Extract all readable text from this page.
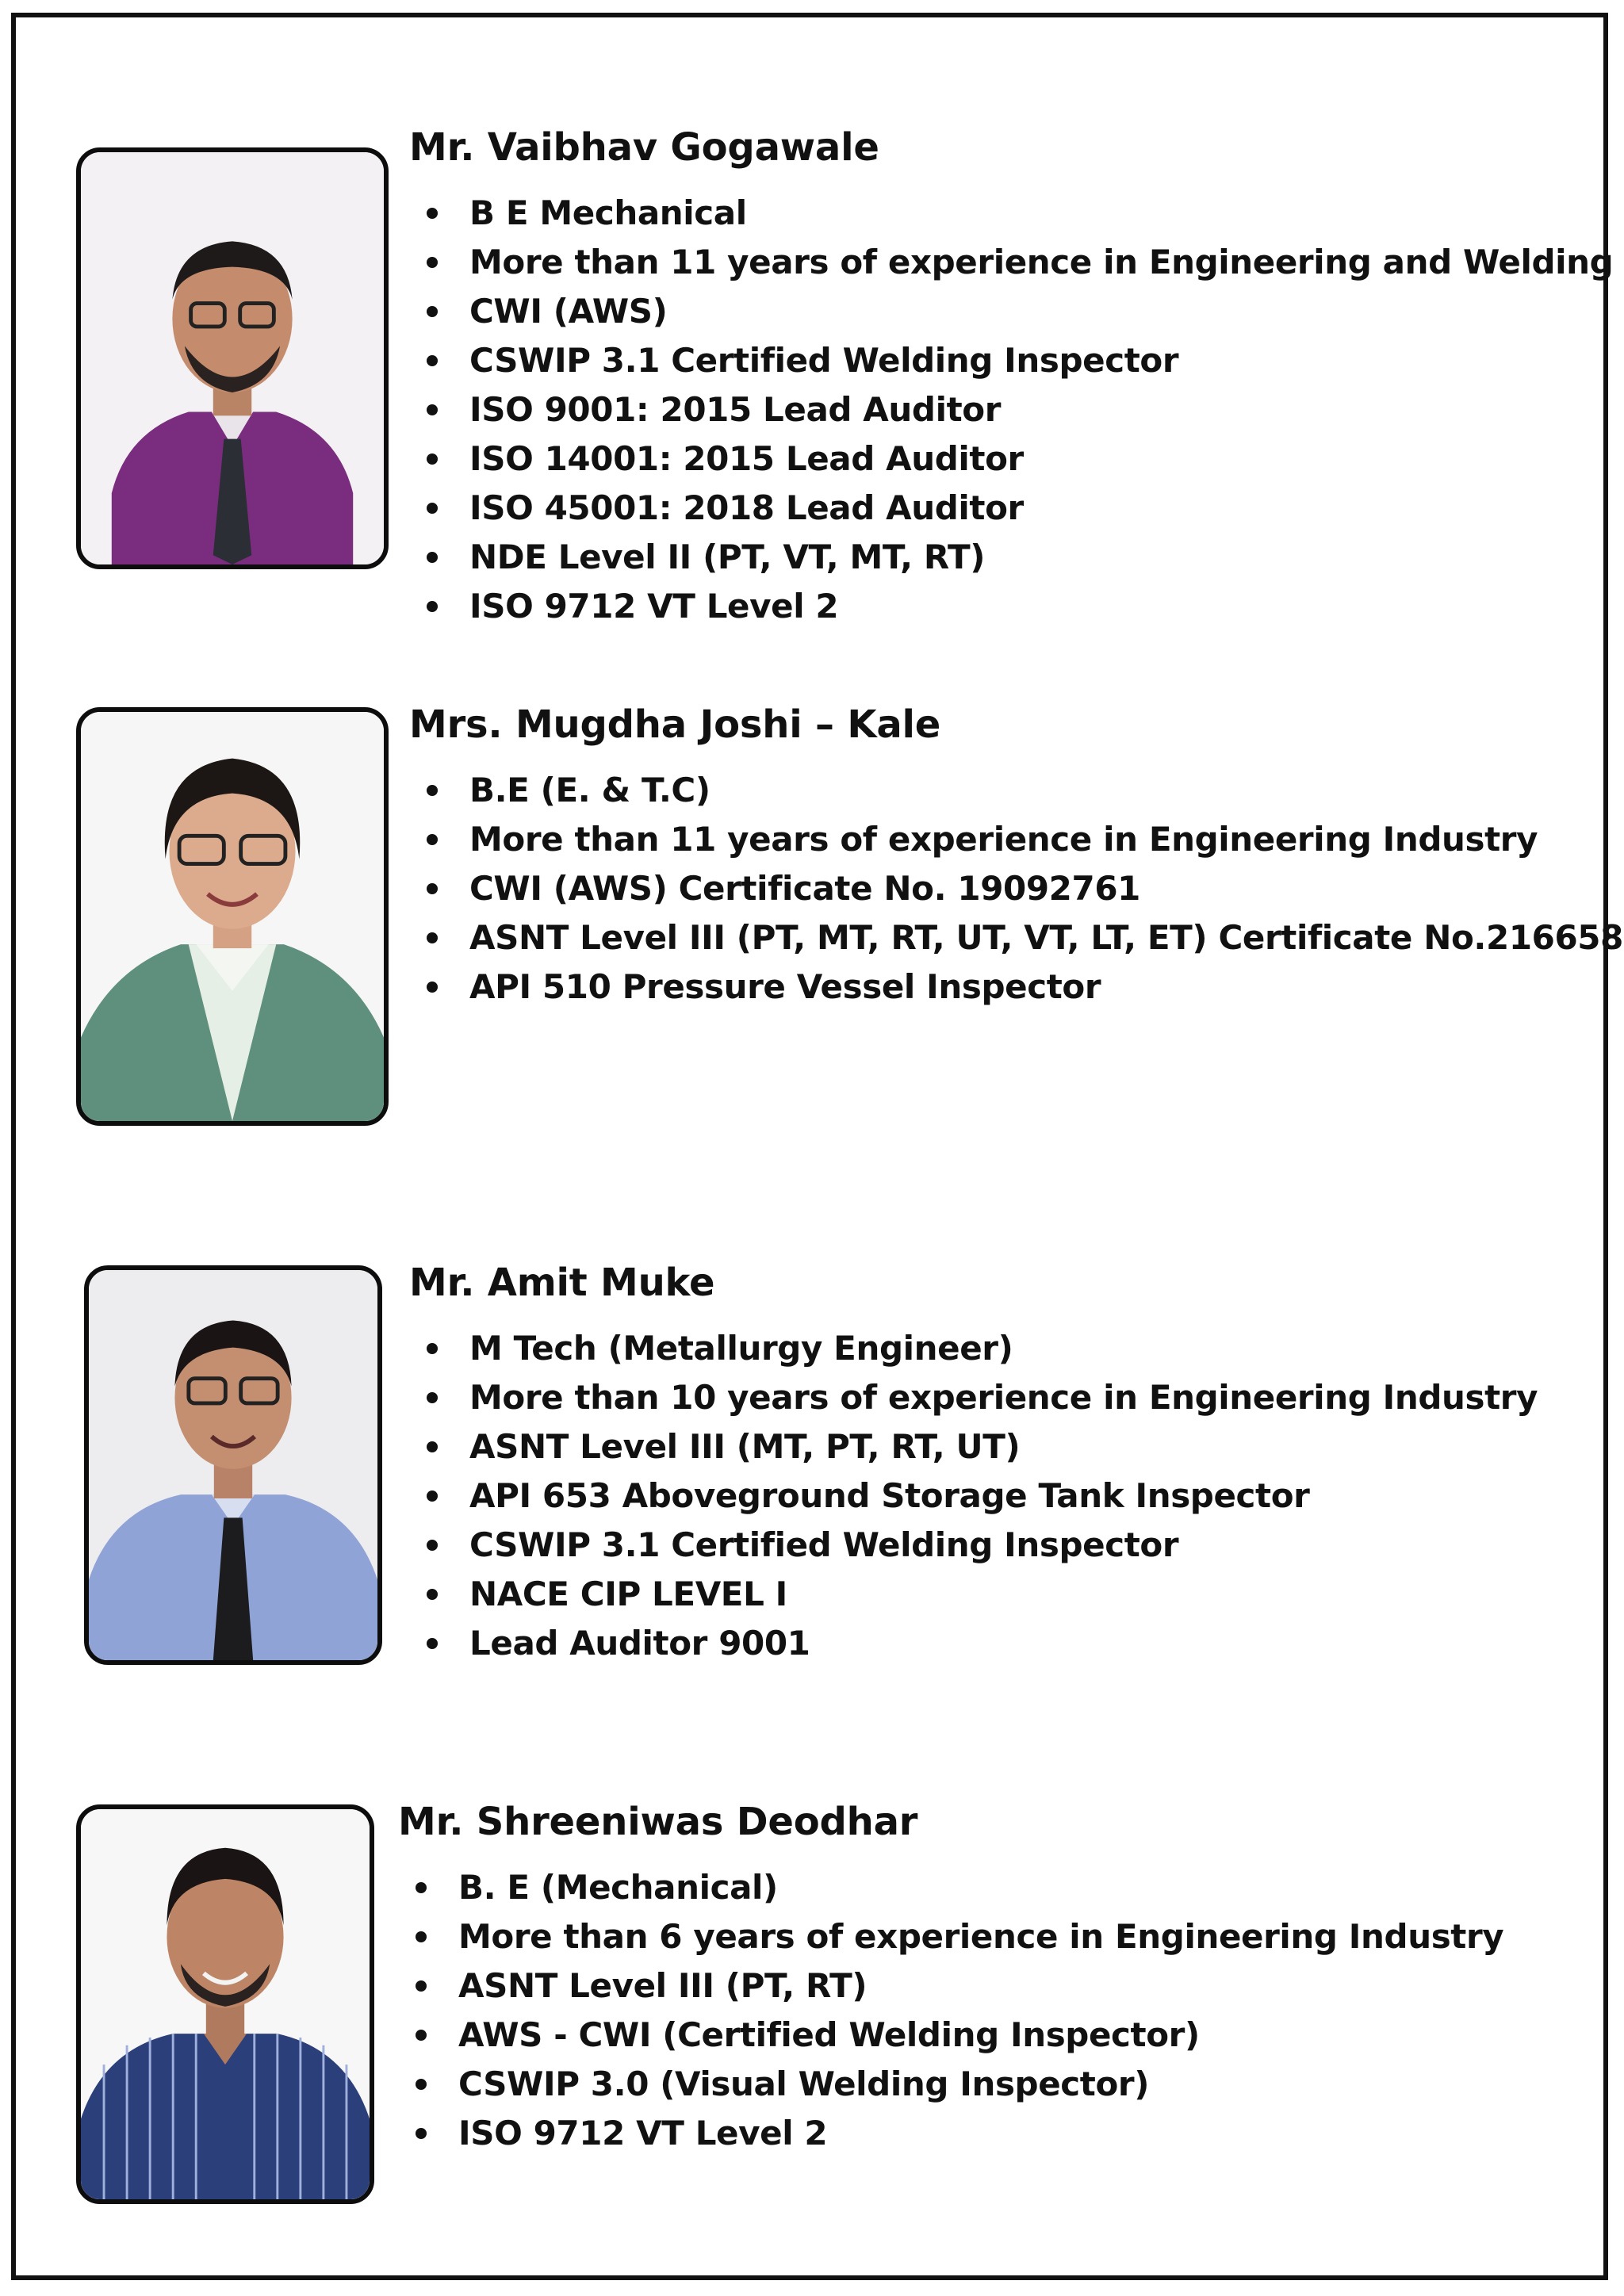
Mr. Vaibhav Gogawale
B E Mechanical
More than 11 years of experience in Engineering and Welding
CWI (AWS)
CSWIP 3.1 Certified Welding Inspector
ISO 9001: 2015 Lead Auditor
ISO 14001: 2015 Lead Auditor
ISO 45001: 2018 Lead Auditor
NDE Level II (PT, VT, MT, RT)
ISO 9712 VT Level 2
Mrs. Mugdha Joshi – Kale
B.E (E. & T.C)
More than 11 years of experience in Engineering Industry
CWI (AWS) Certificate No. 19092761
ASNT Level III (PT, MT, RT, UT, VT, LT, ET) Certificate No.216658
API 510 Pressure Vessel Inspector
Mr. Amit Muke
M Tech (Metallurgy Engineer)
More than 10 years of experience in Engineering Industry
ASNT Level III (MT, PT, RT, UT)
API 653 Aboveground Storage Tank Inspector
CSWIP 3.1 Certified Welding Inspector
NACE CIP LEVEL I
Lead Auditor 9001
Mr. Shreeniwas Deodhar
B. E (Mechanical)
More than 6 years of experience in Engineering Industry
ASNT Level III (PT, RT)
AWS - CWI (Certified Welding Inspector)
CSWIP 3.0 (Visual Welding Inspector)
ISO 9712 VT Level 2
